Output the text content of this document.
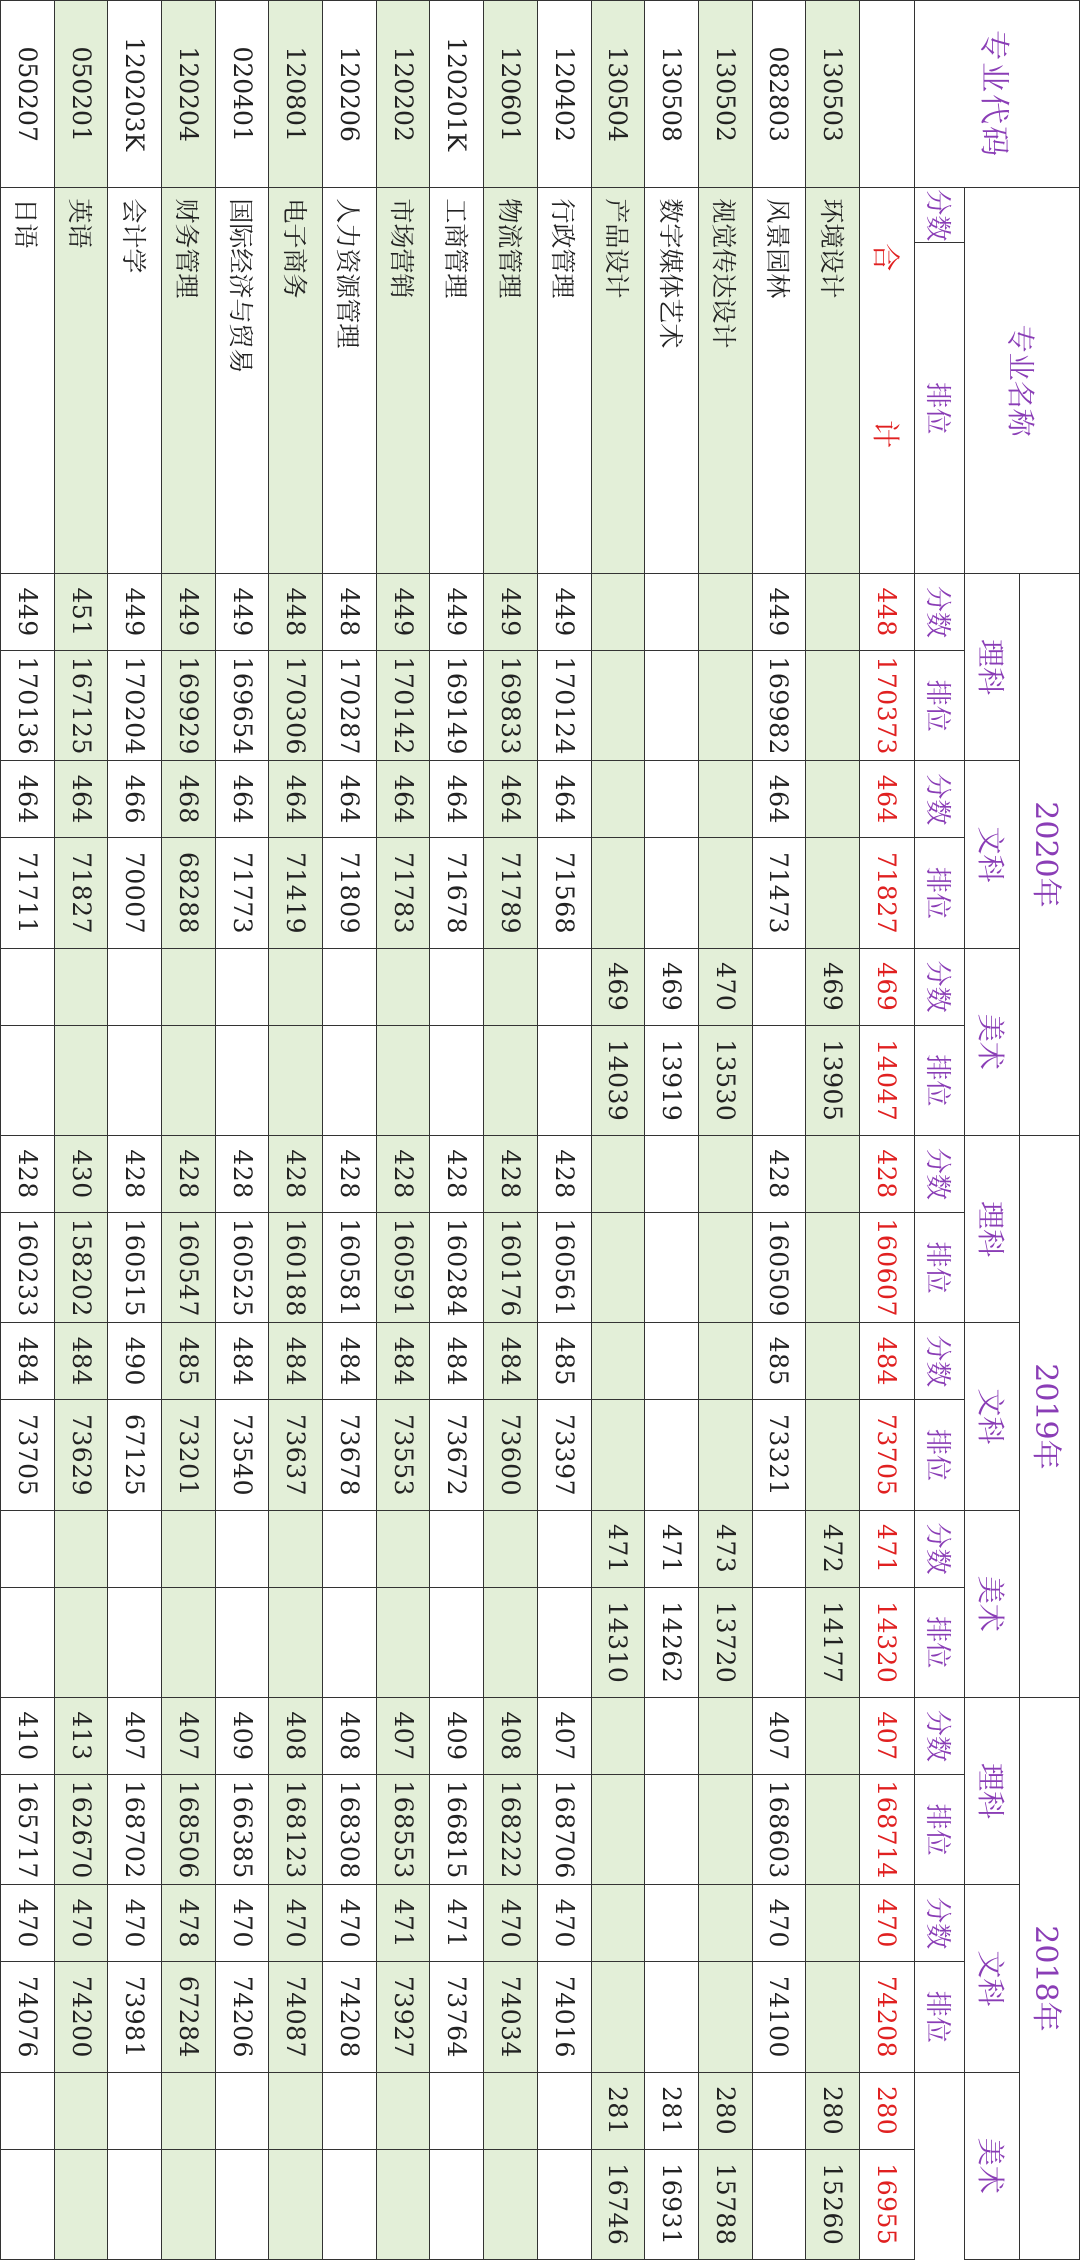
专业代码	专业名称		2020年						2019年						2018年					
			理科		文科		美术		理科		文科		美术		理科		文科		美术	
	分数	排位	分数	排位	分数	排位	分数	排位	分数	排位	分数	排位	分数	排位	分数	排位	分数	排位		
	合 计		448	170373	464	71827	469	14047	428	160607	484	73705	471	14320	407	168714	470	74208	280	16955
130503	环境设计						469	13905					472	14177					280	15260
082803	风景园林		449	169982	464	71473			428	160509	485	73321			407	168603	470	74100		
130502	视觉传达设计						470	13530					473	13720					280	15788
130508	数字媒体艺术						469	13919					471	14262					281	16931
130504	产品设计						469	14039					471	14310					281	16746
120402	行政管理		449	170124	464	71568			428	160561	485	73397			407	168706	470	74016		
120601	物流管理		449	169833	464	71789			428	160176	484	73600			408	168222	470	74034		
120201K	工商管理		449	169149	464	71678			428	160284	484	73672			409	166815	471	73764		
120202	市场营销		449	170142	464	71783			428	160591	484	73553			407	168553	471	73927		
120206	人力资源管理		448	170287	464	71809			428	160581	484	73678			408	168308	470	74208		
120801	电子商务		448	170306	464	71419			428	160188	484	73637			408	168123	470	74087		
020401	国际经济与贸易		449	169654	464	71773			428	160525	484	73540			409	166385	470	74206		
120204	财务管理		449	169929	468	68288			428	160547	485	73201			407	168506	478	67284		
120203K	会计学		449	170204	466	70007			428	160515	490	67125			407	168702	470	73981		
050201	英语		451	167125	464	71827			430	158202	484	73629			413	162670	470	74200		
050207	日语		449	170136	464	71711			428	160233	484	73705			410	165717	470	74076		
